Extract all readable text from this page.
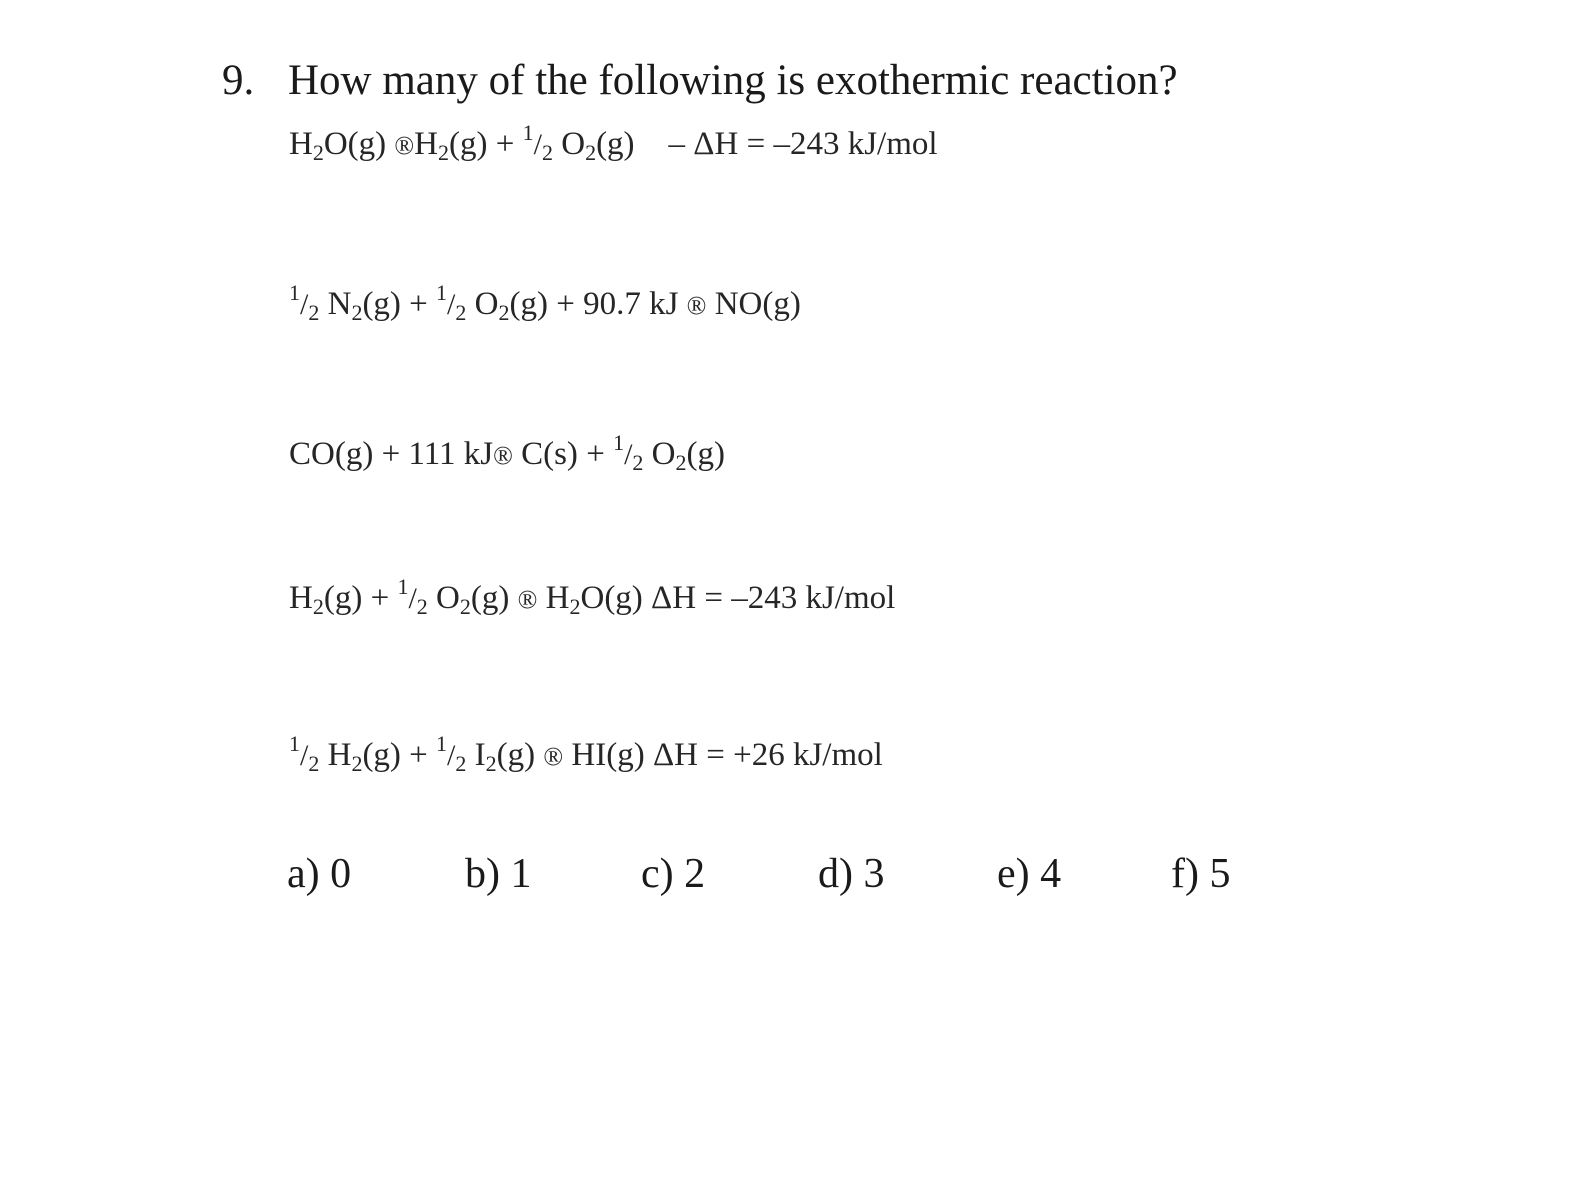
9. How many of the following is exothermic reaction?
$H_2O(g)$ $®H_2(g) + ^1/2$ $O_2(g) - \Delta H = -243$ kJ/mol
$^1$/2 $N_2(g) + ^1/2$ $O_2(g) + 90.7$ kJ ® NO(g)
CO(g) + 111 kJ® C(s) + $^1$/2 $O_2(g)$
$H_2(g) + ^1/2$ $O_2(g)$ ® $H_2O(g) \Delta H = -243$ kJ/mol
$^1$/2 $H_2(g) + ^1/2$ $I_2(g)$ ® HI(g) ΔH = +26 kJ/mol
a) 0	b) 1	c) 2	d) 3	e) 4	f) 5
